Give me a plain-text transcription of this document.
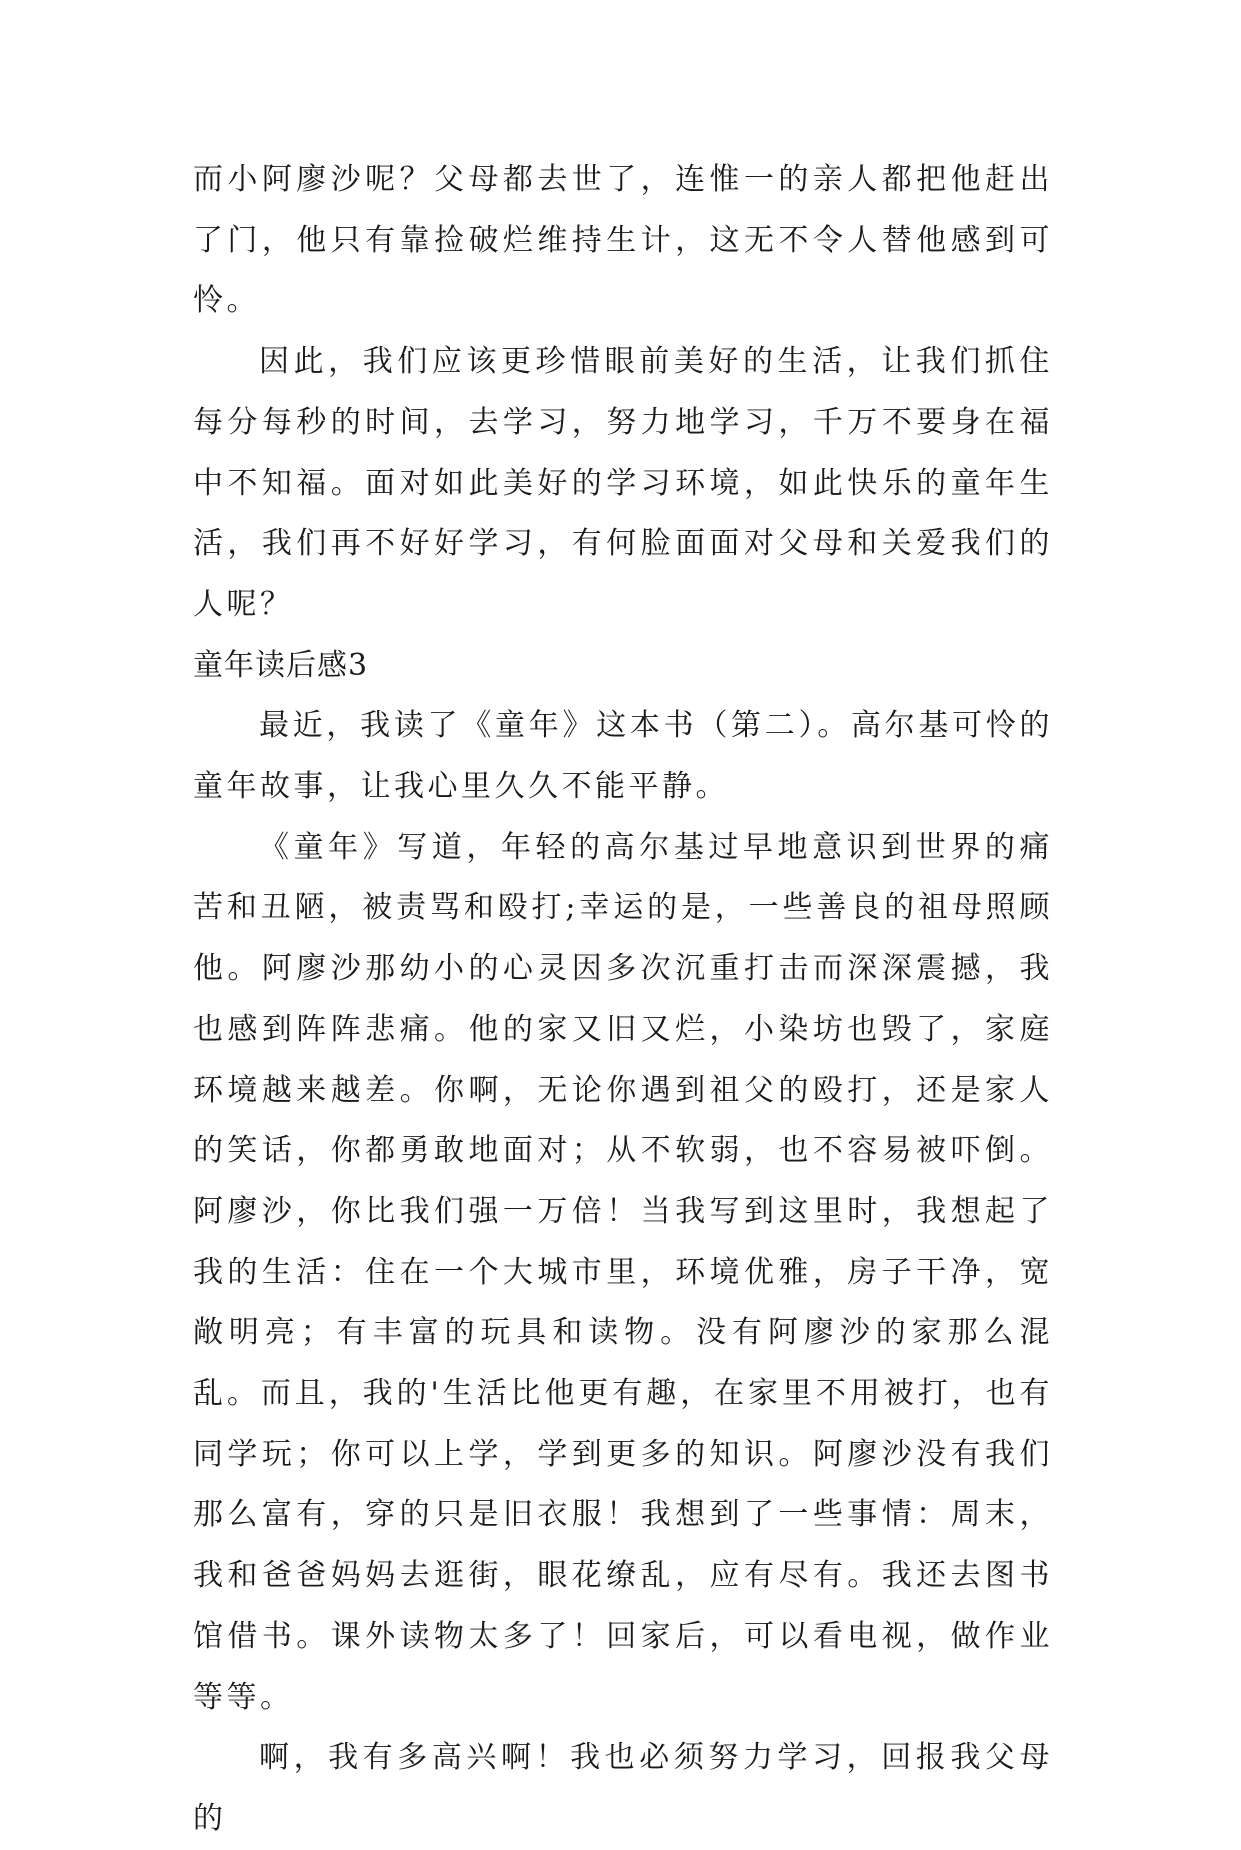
而小阿廖沙呢？父母都去世了，连惟一的亲人都把他赶出了门，他只有靠捡破烂维持生计，这无不令人替他感到可怜。

因此，我们应该更珍惜眼前美好的生活，让我们抓住每分每秒的时间，去学习，努力地学习，千万不要身在福中不知福。面对如此美好的学习环境，如此快乐的童年生活，我们再不好好学习，有何脸面面对父母和关爱我们的人呢？

童年读后感3

最近，我读了《童年》这本书（第二）。高尔基可怜的童年故事，让我心里久久不能平静。

《童年》写道，年轻的高尔基过早地意识到世界的痛苦和丑陋，被责骂和殴打;幸运的是，一些善良的祖母照顾他。阿廖沙那幼小的心灵因多次沉重打击而深深震撼，我也感到阵阵悲痛。他的家又旧又烂，小染坊也毁了，家庭环境越来越差。你啊，无论你遇到祖父的殴打，还是家人的笑话，你都勇敢地面对；从不软弱，也不容易被吓倒。阿廖沙，你比我们强一万倍！当我写到这里时，我想起了我的生活：住在一个大城市里，环境优雅，房子干净，宽敞明亮；有丰富的玩具和读物。没有阿廖沙的家那么混乱。而且，我的'生活比他更有趣，在家里不用被打，也有同学玩；你可以上学，学到更多的知识。阿廖沙没有我们那么富有，穿的只是旧衣服！我想到了一些事情：周末，我和爸爸妈妈去逛街，眼花缭乱，应有尽有。我还去图书馆借书。课外读物太多了！回家后，可以看电视，做作业等等。

啊，我有多高兴啊！我也必须努力学习，回报我父母的
